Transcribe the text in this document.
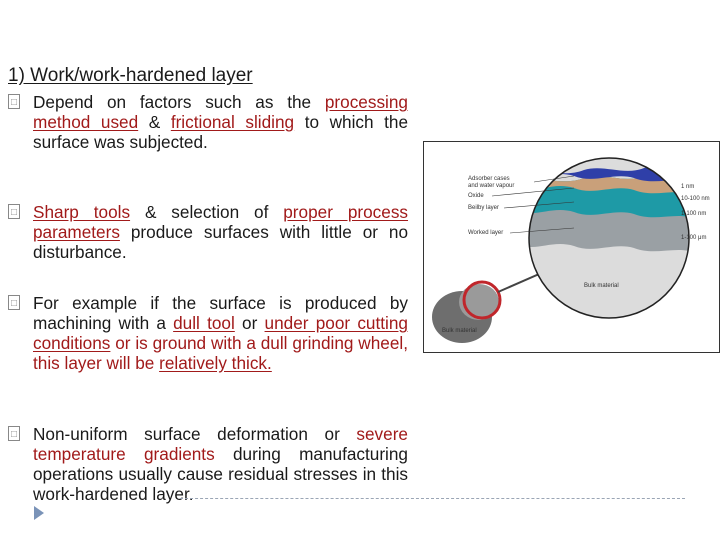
1) Work/work-hardened layer
□ Depend on factors such as the processing method used & frictional sliding to which the surface was subjected.
□ Sharp tools & selection of proper process parameters produce surfaces with little or no disturbance.
□ For example if the surface is produced by machining with a dull tool or under poor cutting conditions or is ground with a dull grinding wheel, this layer will be relatively thick.
□ Non-uniform surface deformation or severe temperature gradients during manufacturing operations usually cause residual stresses in this work-hardened layer.
Bulk material
Adsorber cases
and water vapour
Oxide
Beilby layer
Worked layer
Bulk material
1 nm
10-100 nm
1-100 nm
1-100 μm
